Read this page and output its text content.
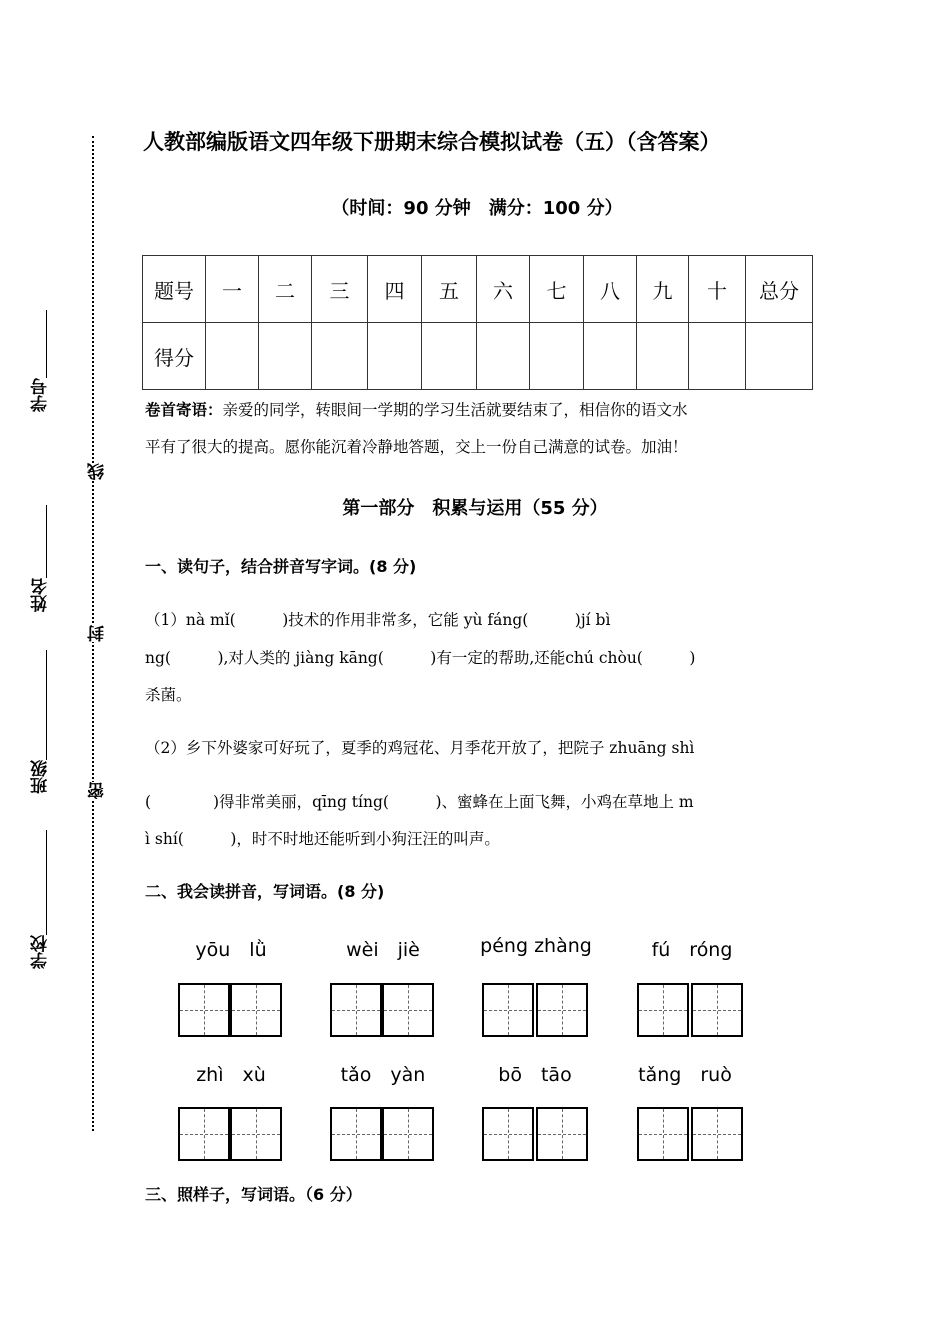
学号
姓名
班级
学校
线
封
密
人教部编版语文四年级下册期末综合模拟试卷（五）（含答案）
（时间：90 分钟　满分：100 分）
题号	一	二	三	四	五	六	七	八	九	十	总分
得分											
卷首寄语：亲爱的同学，转眼间一学期的学习生活就要结束了，相信你的语文水
平有了很大的提高。愿你能沉着冷静地答题，交上一份自己满意的试卷。加油！
第一部分　积累与运用（55 分）
一、读句子，结合拼音写字词。(8 分)
（1）nà mǐ(　　　)技术的作用非常多，它能 yù fáng(　　　)jí bì
ng(　　　),对人类的 jiàng kāng(　　　)有一定的帮助,还能chú chòu(　　　)
杀菌。
（2）乡下外婆家可好玩了，夏季的鸡冠花、月季花开放了，把院子 zhuāng shì
(　　　　)得非常美丽，qīng tíng(　　　)、蜜蜂在上面飞舞，小鸡在草地上 m
ì shí(　　　)，时不时地还能听到小狗汪汪的叫声。
二、我会读拼音，写词语。(8 分)
yōu　lǜ	wèi　jiè	péng zhàng	fú　róng
zhì　xù	tǎo　yàn	bō　tāo	tǎng　ruò
三、照样子，写词语。（6 分）
